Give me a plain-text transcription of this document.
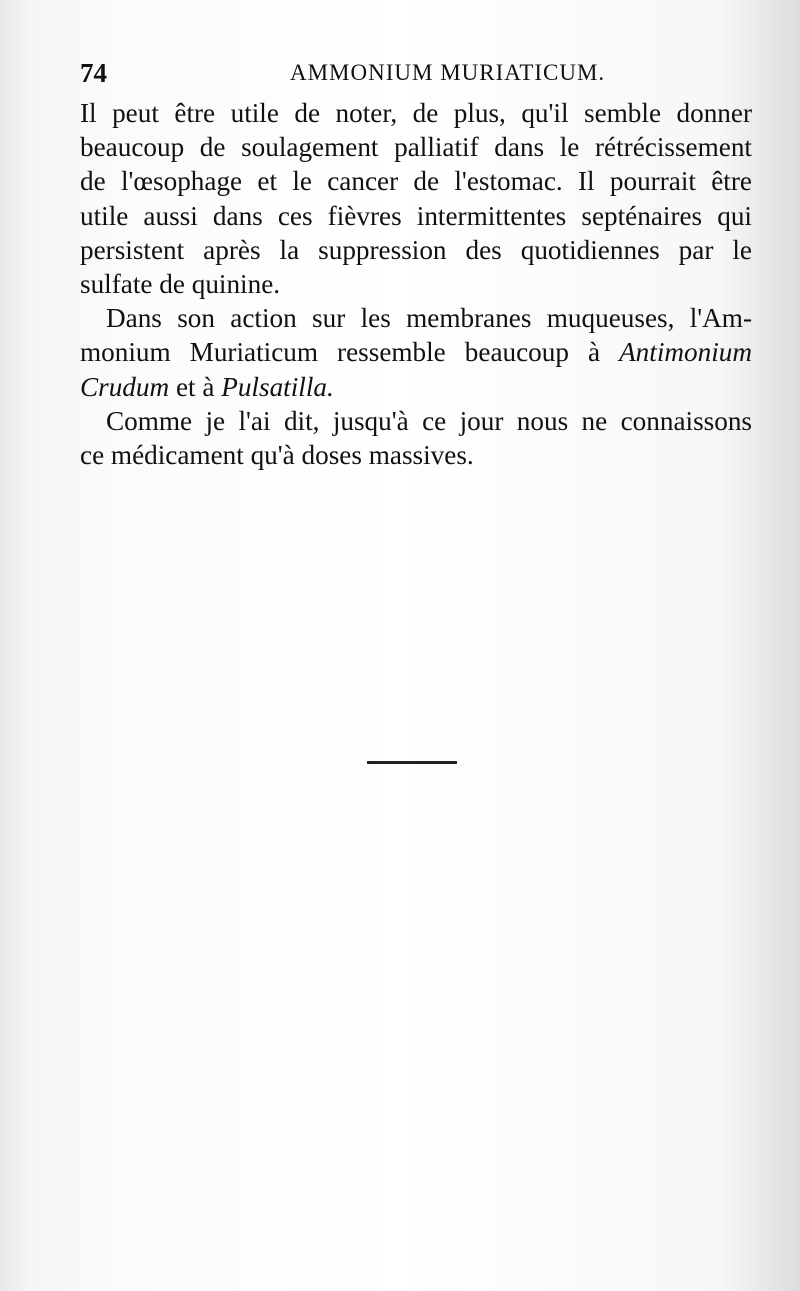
74	AMMONIUM MURIATICUM.

Il peut être utile de noter, de plus, qu'il semble donner
beaucoup de soulagement palliatif dans le rétrécissement
de l'œsophage et le cancer de l'estomac. Il pourrait être
utile aussi dans ces fièvres intermittentes septénaires qui
persistent après la suppression des quotidiennes par le
sulfate de quinine.

Dans son action sur les membranes muqueuses, l'Am-
monium Muriaticum ressemble beaucoup à Antimonium
Crudum et à Pulsatilla.

Comme je l'ai dit, jusqu'à ce jour nous ne connaissons
ce médicament qu'à doses massives.
